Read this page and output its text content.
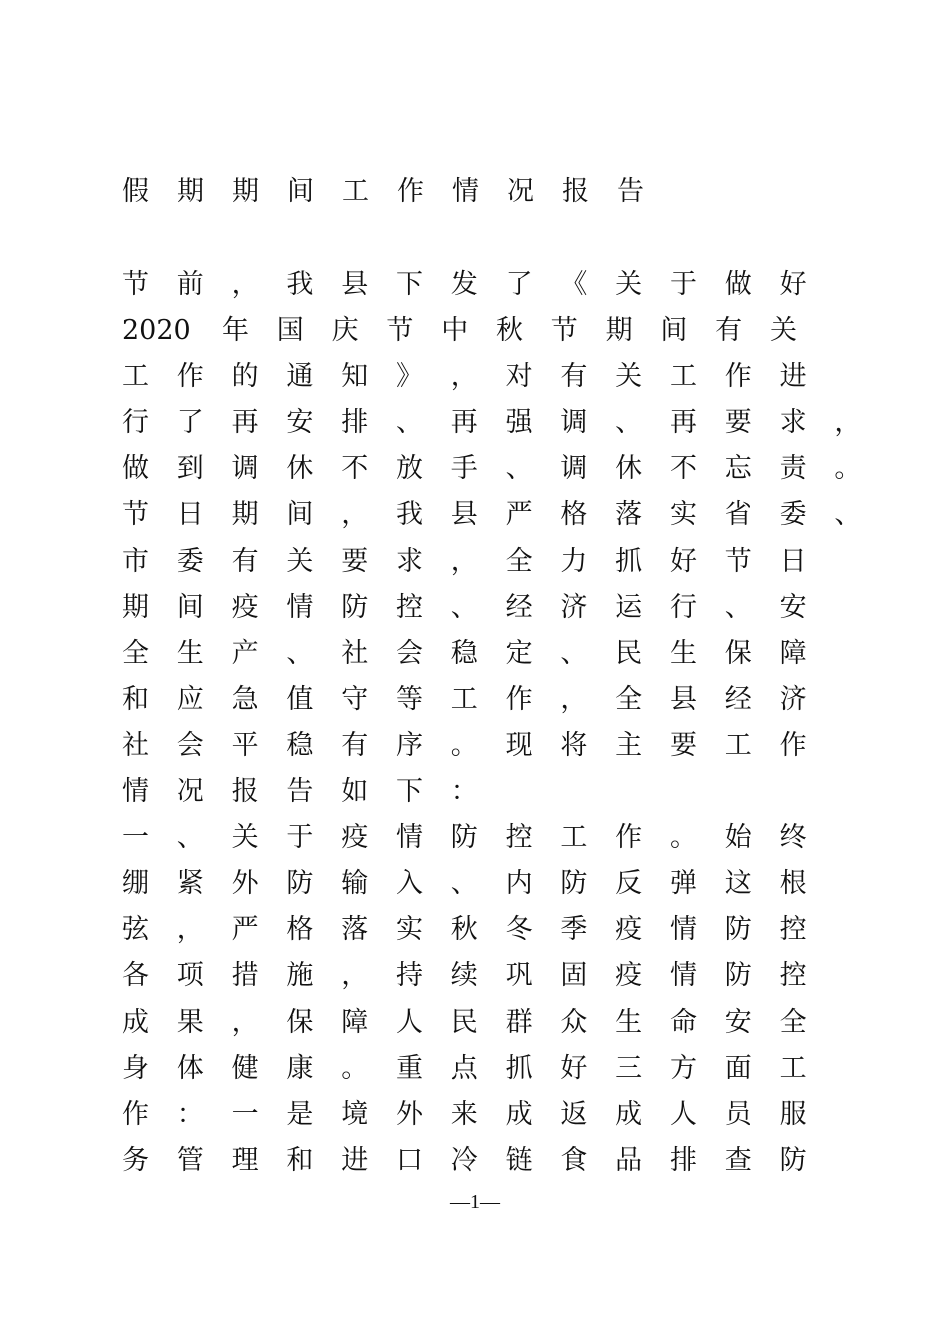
假期期间工作情况报告
节	前	，	我	县	下	发	了	《	关	于	做	好
2020	年	国	庆	节	中	秋	节	期	间	有	关
工	作	的	通	知	》	，	对	有	关	工	作	进
行	了	再	安	排	、	再	强	调	、	再	要	求	，
做	到	调	休	不	放	手	、	调	休	不	忘	责	。
节	日	期	间	，	我	县	严	格	落	实	省	委	、
市	委	有	关	要	求	，	全	力	抓	好	节	日
期	间	疫	情	防	控	、	经	济	运	行	、	安
全	生	产	、	社	会	稳	定	、	民	生	保	障
和	应	急	值	守	等	工	作	，	全	县	经	济
社	会	平	稳	有	序	。	现	将	主	要	工	作
情	况	报	告	如	下	：
一	、	关	于	疫	情	防	控	工	作	。	始	终
绷	紧	外	防	输	入	、	内	防	反	弹	这	根
弦	，	严	格	落	实	秋	冬	季	疫	情	防	控
各	项	措	施	，	持	续	巩	固	疫	情	防	控
成	果	，	保	障	人	民	群	众	生	命	安	全
身	体	健	康	。	重	点	抓	好	三	方	面	工
作	：	一	是	境	外	来	成	返	成	人	员	服
务	管	理	和	进	口	冷	链	食	品	排	查	防
—1—
